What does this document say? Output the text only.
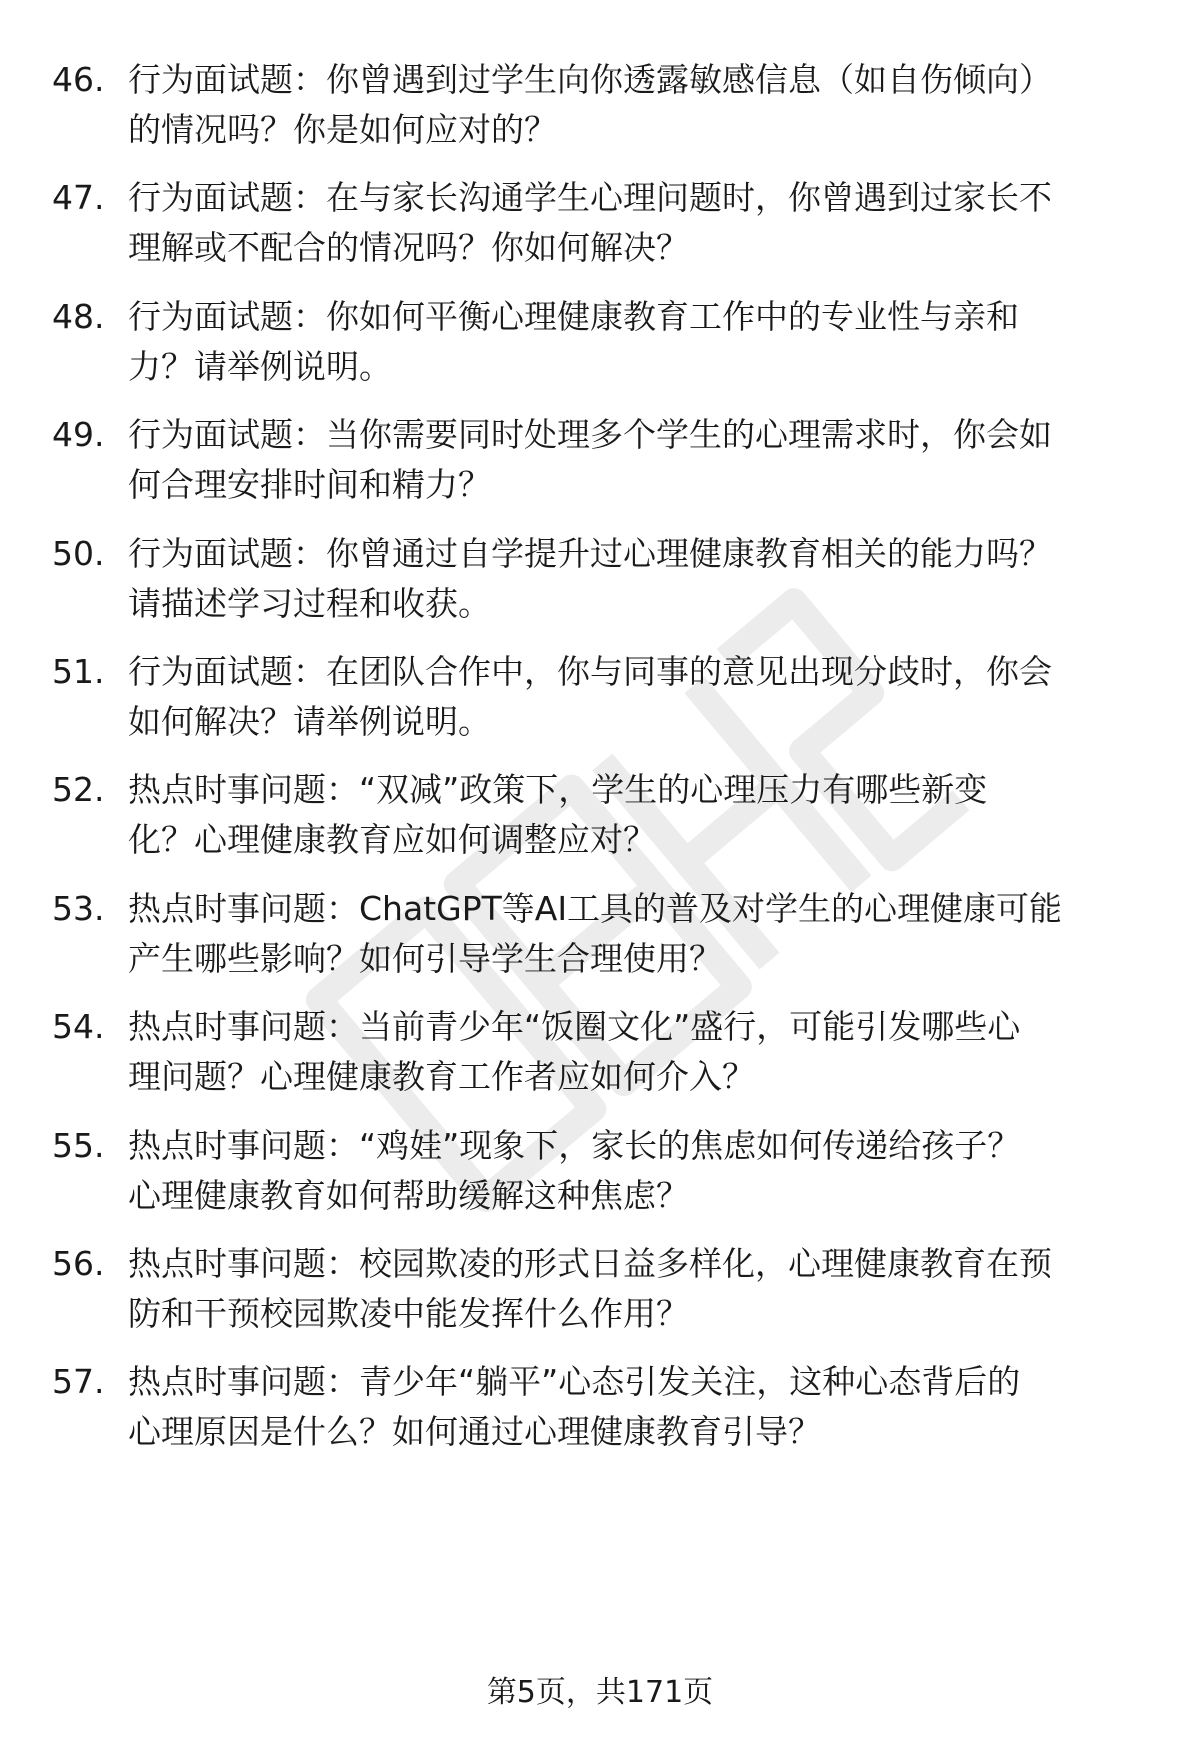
46. 行为面试题：你曾遇到过学生向你透露敏感信息（如自伤倾向）
的情况吗？你是如何应对的？
47. 行为面试题：在与家长沟通学生心理问题时，你曾遇到过家长不
理解或不配合的情况吗？你如何解决？
48. 行为面试题：你如何平衡心理健康教育工作中的专业性与亲和
力？请举例说明。
49. 行为面试题：当你需要同时处理多个学生的心理需求时，你会如
何合理安排时间和精力？
50. 行为面试题：你曾通过自学提升过心理健康教育相关的能力吗？
请描述学习过程和收获。
51. 行为面试题：在团队合作中，你与同事的意见出现分歧时，你会
如何解决？请举例说明。
52. 热点时事问题：“双减”政策下，学生的心理压力有哪些新变
化？心理健康教育应如何调整应对？
53. 热点时事问题：ChatGPT等AI工具的普及对学生的心理健康可能
产生哪些影响？如何引导学生合理使用？
54. 热点时事问题：当前青少年“饭圈文化”盛行，可能引发哪些心
理问题？心理健康教育工作者应如何介入？
55. 热点时事问题：“鸡娃”现象下，家长的焦虑如何传递给孩子？
心理健康教育如何帮助缓解这种焦虑？
56. 热点时事问题：校园欺凌的形式日益多样化，心理健康教育在预
防和干预校园欺凌中能发挥什么作用？
57. 热点时事问题：青少年“躺平”心态引发关注，这种心态背后的
心理原因是什么？如何通过心理健康教育引导？
第5页，共171页
